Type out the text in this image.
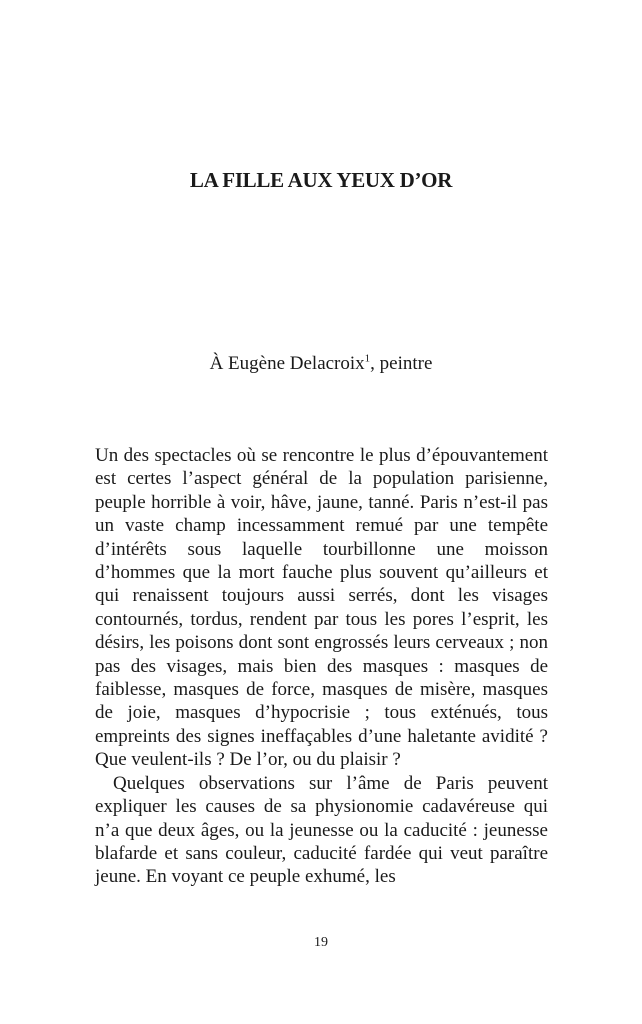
LA FILLE AUX YEUX D’OR

À Eugène Delacroix$^1$, peintre

Un des spectacles où se rencontre le plus d’épouvantement est certes l’aspect général de la population parisienne, peuple horrible à voir, hâve, jaune, tanné. Paris n’est-il pas un vaste champ incessamment remué par une tempête d’intérêts sous laquelle tourbillonne une moisson d’hommes que la mort fauche plus souvent qu’ailleurs et qui renaissent toujours aussi serrés, dont les visages contournés, tordus, rendent par tous les pores l’esprit, les désirs, les poisons dont sont engrossés leurs cerveaux ; non pas des visages, mais bien des masques : masques de faiblesse, masques de force, masques de misère, masques de joie, masques d’hypocrisie ; tous exténués, tous empreints des signes ineffaçables d’une haletante avidité ? Que veulent-ils ? De l’or, ou du plaisir ?

Quelques observations sur l’âme de Paris peuvent expliquer les causes de sa physionomie cadavéreuse qui n’a que deux âges, ou la jeunesse ou la caducité : jeunesse blafarde et sans couleur, caducité fardée qui veut paraître jeune. En voyant ce peuple exhumé, les

19
